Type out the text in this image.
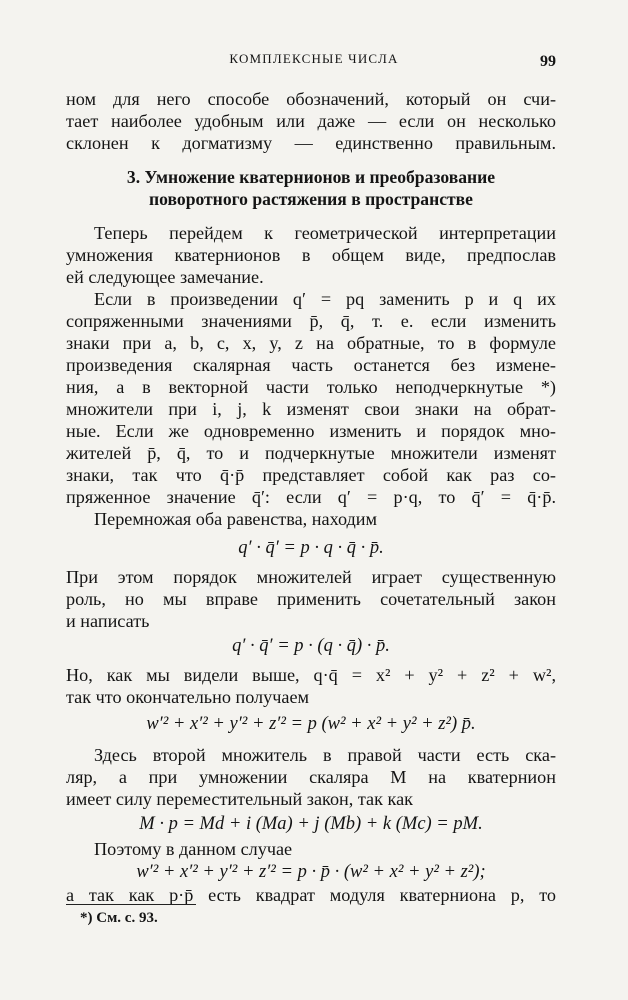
КОМПЛЕКСНЫЕ ЧИСЛА	99
ном для него способе обозначений, который он счи-
тает наиболее удобным или даже — если он несколько
склонен к догматизму — единственно правильным.
3. Умножение кватернионов и преобразование
поворотного растяжения в пространстве
Теперь перейдем к геометрической интерпретации
умножения кватернионов в общем виде, предпослав
ей следующее замечание.
Если в произведении q′ = pq заменить p и q их
сопряженными значениями p̄, q̄, т. е. если изменить
знаки при a, b, c, x, y, z на обратные, то в формуле
произведения скалярная часть останется без измене-
ния, а в векторной части только неподчеркнутые *)
множители при i, j, k изменят свои знаки на обрат-
ные. Если же одновременно изменить и порядок мно-
жителей p̄, q̄, то и подчеркнутые множители изменят
знаки, так что q̄·p̄ представляет собой как раз со-
пряженное значение q̄′: если q′ = p·q, то q̄′ = q̄·p̄.
Перемножая оба равенства, находим
q′ · q̄′ = p · q · q̄ · p̄.
При этом порядок множителей играет существенную
роль, но мы вправе применить сочетательный закон
и написать
q′ · q̄′ = p · (q · q̄) · p̄.
Но, как мы видели выше, q·q̄ = x² + y² + z² + w²,
так что окончательно получаем
w′² + x′² + y′² + z′² = p (w² + x² + y² + z²) p̄.
Здесь второй множитель в правой части есть ска-
ляр, а при умножении скаляра M на кватернион
имеет силу переместительный закон, так как
M · p = Md + i (Ma) + j (Mb) + k (Mc) = pM.
Поэтому в данном случае
w′² + x′² + y′² + z′² = p · p̄ · (w² + x² + y² + z²);
а так как p·p̄ есть квадрат модуля кватерниона p, то
*) См. с. 93.
